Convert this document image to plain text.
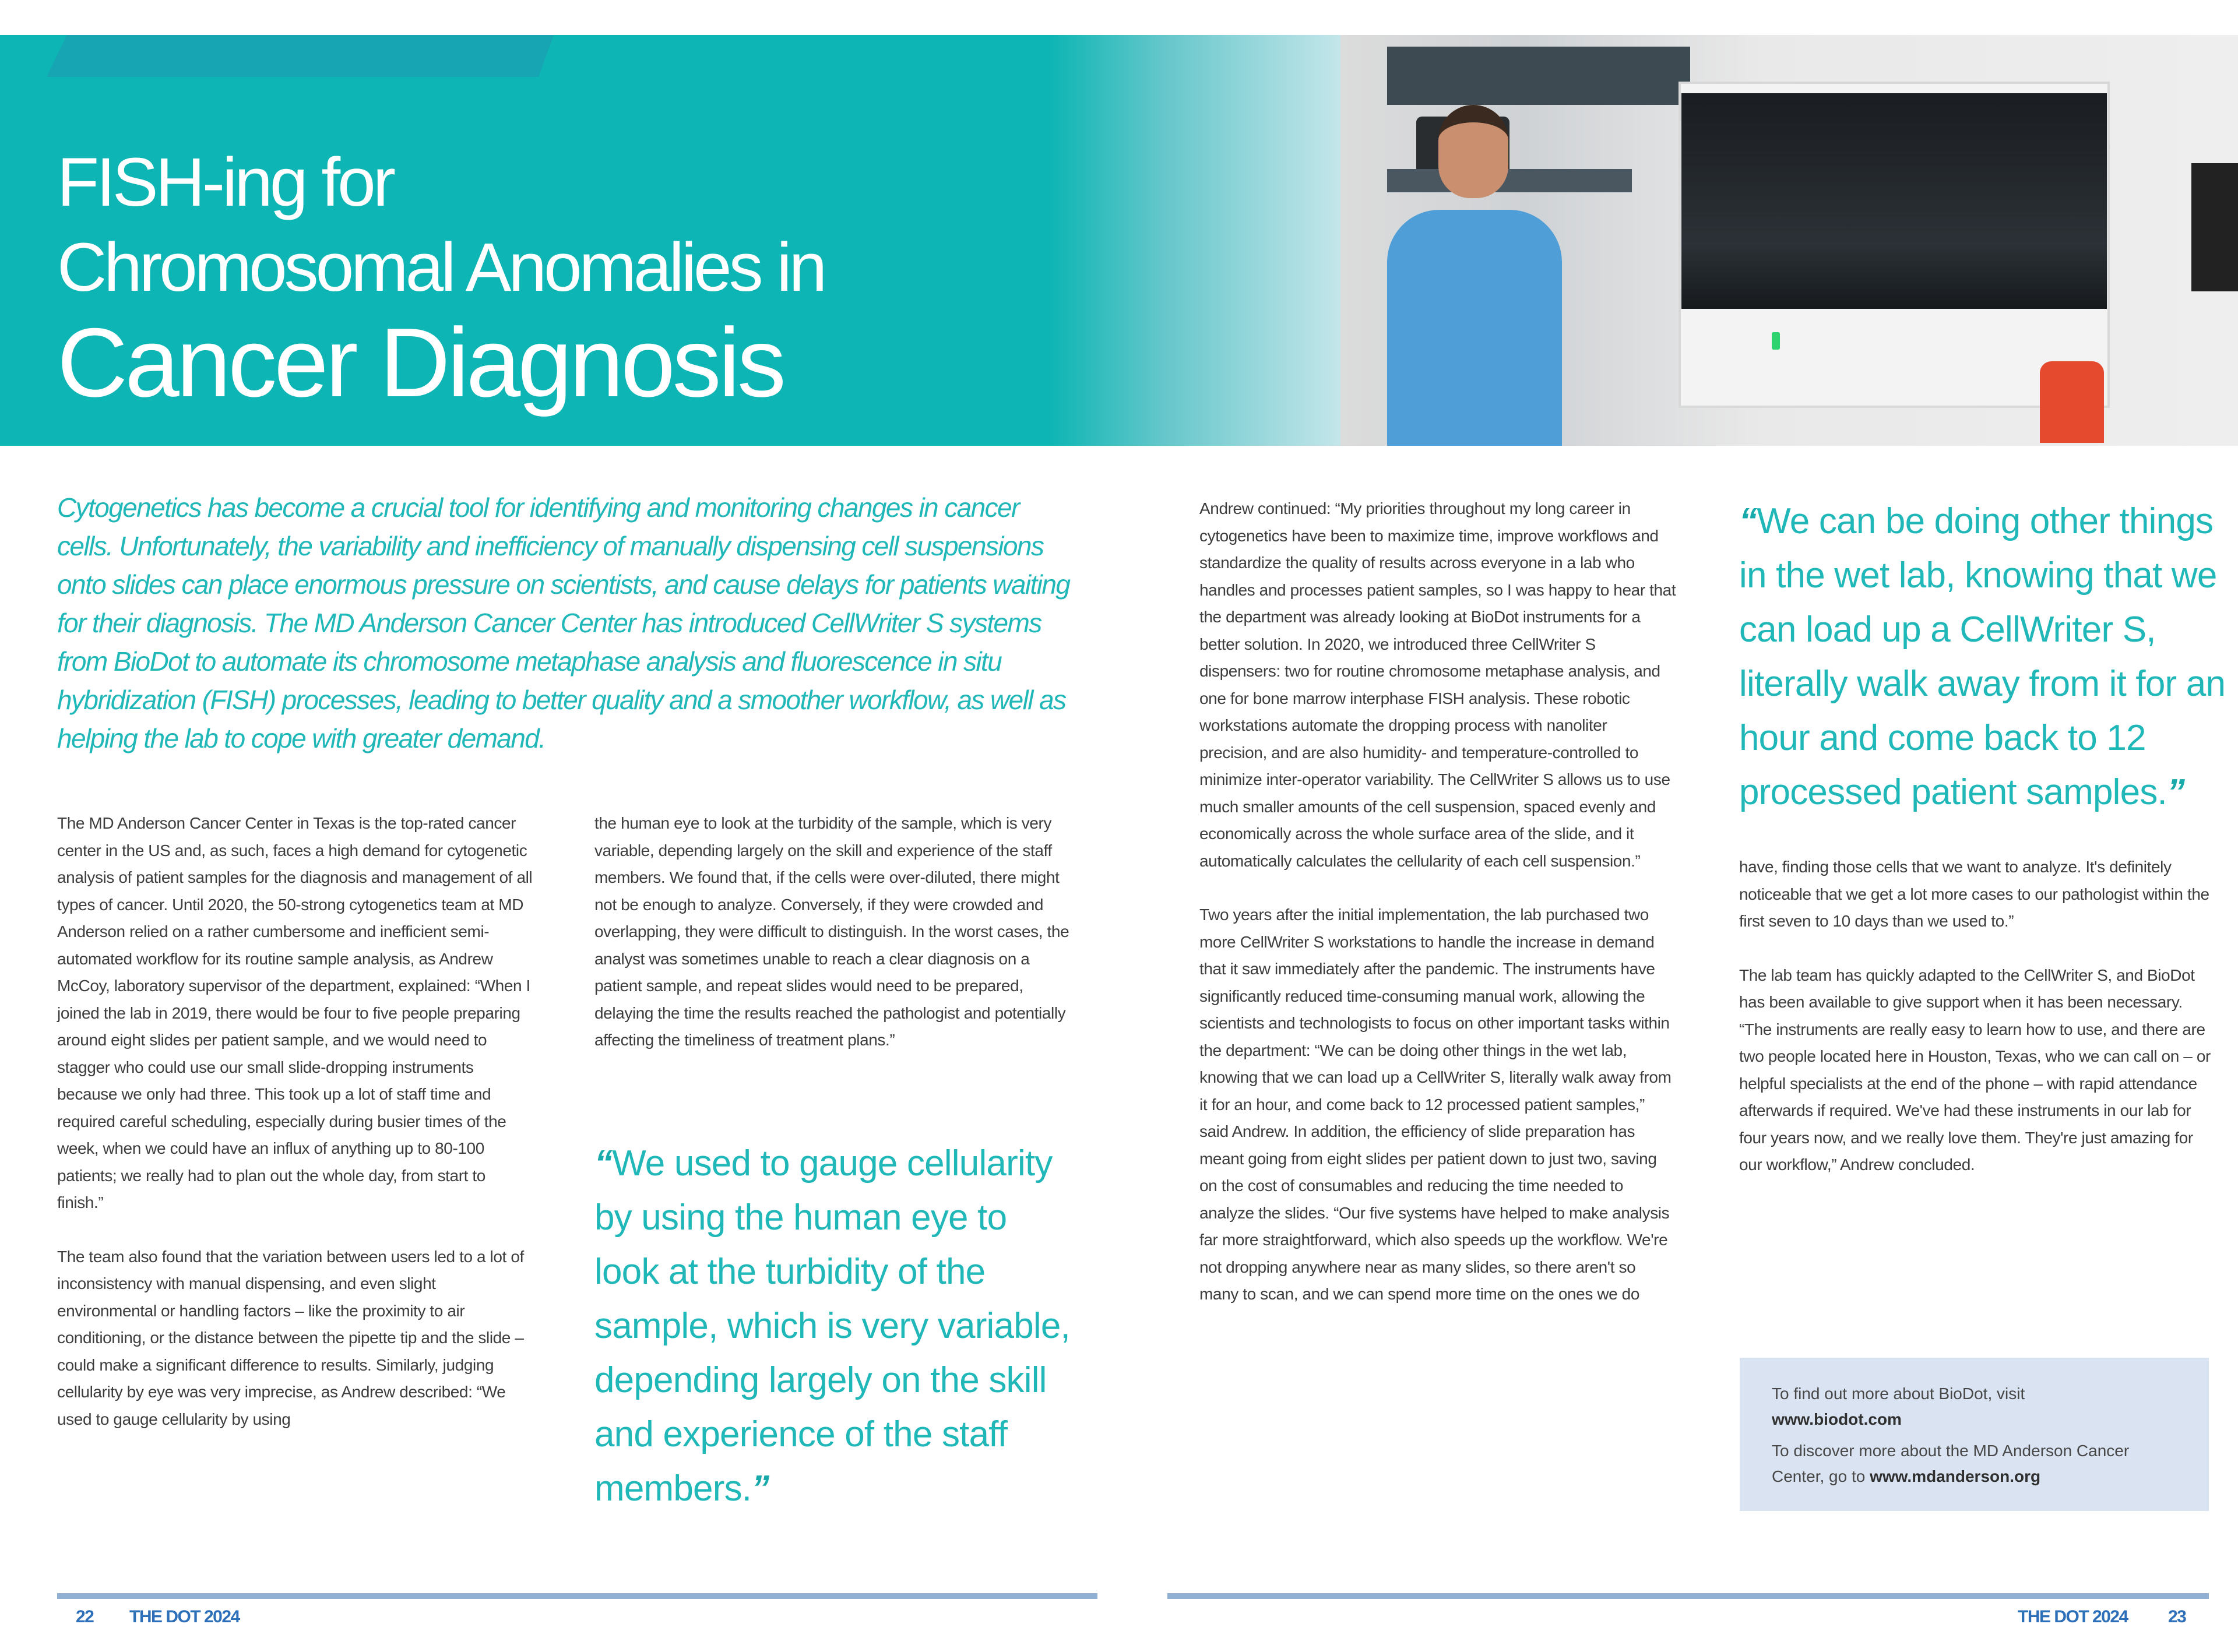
FISH-ing for
Chromosomal Anomalies in
Cancer Diagnosis

Cytogenetics has become a crucial tool for identifying and monitoring changes in cancer cells. Unfortunately, the variability and inefficiency of manually dispensing cell suspensions onto slides can place enormous pressure on scientists, and cause delays for patients waiting for their diagnosis. The MD Anderson Cancer Center has introduced CellWriter S systems from BioDot to automate its chromosome metaphase analysis and fluorescence in situ hybridization (FISH) processes, leading to better quality and a smoother workflow, as well as helping the lab to cope with greater demand.

The MD Anderson Cancer Center in Texas is the top-rated cancer center in the US and, as such, faces a high demand for cytogenetic analysis of patient samples for the diagnosis and management of all types of cancer. Until 2020, the 50-strong cytogenetics team at MD Anderson relied on a rather cumbersome and inefficient semi-automated workflow for its routine sample analysis, as Andrew McCoy, laboratory supervisor of the department, explained: “When I joined the lab in 2019, there would be four to five people preparing around eight slides per patient sample, and we would need to stagger who could use our small slide-dropping instruments because we only had three. This took up a lot of staff time and required careful scheduling, especially during busier times of the week, when we could have an influx of anything up to 80-100 patients; we really had to plan out the whole day, from start to finish.”

The team also found that the variation between users led to a lot of inconsistency with manual dispensing, and even slight environmental or handling factors – like the proximity to air conditioning, or the distance between the pipette tip and the slide – could make a significant difference to results. Similarly, judging cellularity by eye was very imprecise, as Andrew described: “We used to gauge cellularity by using

the human eye to look at the turbidity of the sample, which is very variable, depending largely on the skill and experience of the staff members. We found that, if the cells were over-diluted, there might not be enough to analyze. Conversely, if they were crowded and overlapping, they were difficult to distinguish. In the worst cases, the analyst was sometimes unable to reach a clear diagnosis on a patient sample, and repeat slides would need to be prepared, delaying the time the results reached the pathologist and potentially affecting the timeliness of treatment plans.”

“We used to gauge cellularity by using the human eye to look at the turbidity of the sample, which is very variable, depending largely on the skill and experience of the staff members.”

Andrew continued: “My priorities throughout my long career in cytogenetics have been to maximize time, improve workflows and standardize the quality of results across everyone in a lab who handles and processes patient samples, so I was happy to hear that the department was already looking at BioDot instruments for a better solution. In 2020, we introduced three CellWriter S dispensers: two for routine chromosome metaphase analysis, and one for bone marrow interphase FISH analysis. These robotic workstations automate the dropping process with nanoliter precision, and are also humidity- and temperature-controlled to minimize inter-operator variability. The CellWriter S allows us to use much smaller amounts of the cell suspension, spaced evenly and economically across the whole surface area of the slide, and it automatically calculates the cellularity of each cell suspension.”

Two years after the initial implementation, the lab purchased two more CellWriter S workstations to handle the increase in demand that it saw immediately after the pandemic. The instruments have significantly reduced time-consuming manual work, allowing the scientists and technologists to focus on other important tasks within the department: “We can be doing other things in the wet lab, knowing that we can load up a CellWriter S, literally walk away from it for an hour, and come back to 12 processed patient samples,” said Andrew. In addition, the efficiency of slide preparation has meant going from eight slides per patient down to just two, saving on the cost of consumables and reducing the time needed to analyze the slides. “Our five systems have helped to make analysis far more straightforward, which also speeds up the workflow. We're not dropping anywhere near as many slides, so there aren't so many to scan, and we can spend more time on the ones we do

“We can be doing other things in the wet lab, knowing that we can load up a CellWriter S, literally walk away from it for an hour and come back to 12 processed patient samples.”

have, finding those cells that we want to analyze. It's definitely noticeable that we get a lot more cases to our pathologist within the first seven to 10 days than we used to.”

The lab team has quickly adapted to the CellWriter S, and BioDot has been available to give support when it has been necessary. “The instruments are really easy to learn how to use, and there are two people located here in Houston, Texas, who we can call on – or helpful specialists at the end of the phone – with rapid attendance afterwards if required. We've had these instruments in our lab for four years now, and we really love them. They're just amazing for our workflow,” Andrew concluded.

To find out more about BioDot, visit
www.biodot.com

To discover more about the MD Anderson Cancer Center, go to www.mdanderson.org

22 THE DOT 2024	THE DOT 2024 23
